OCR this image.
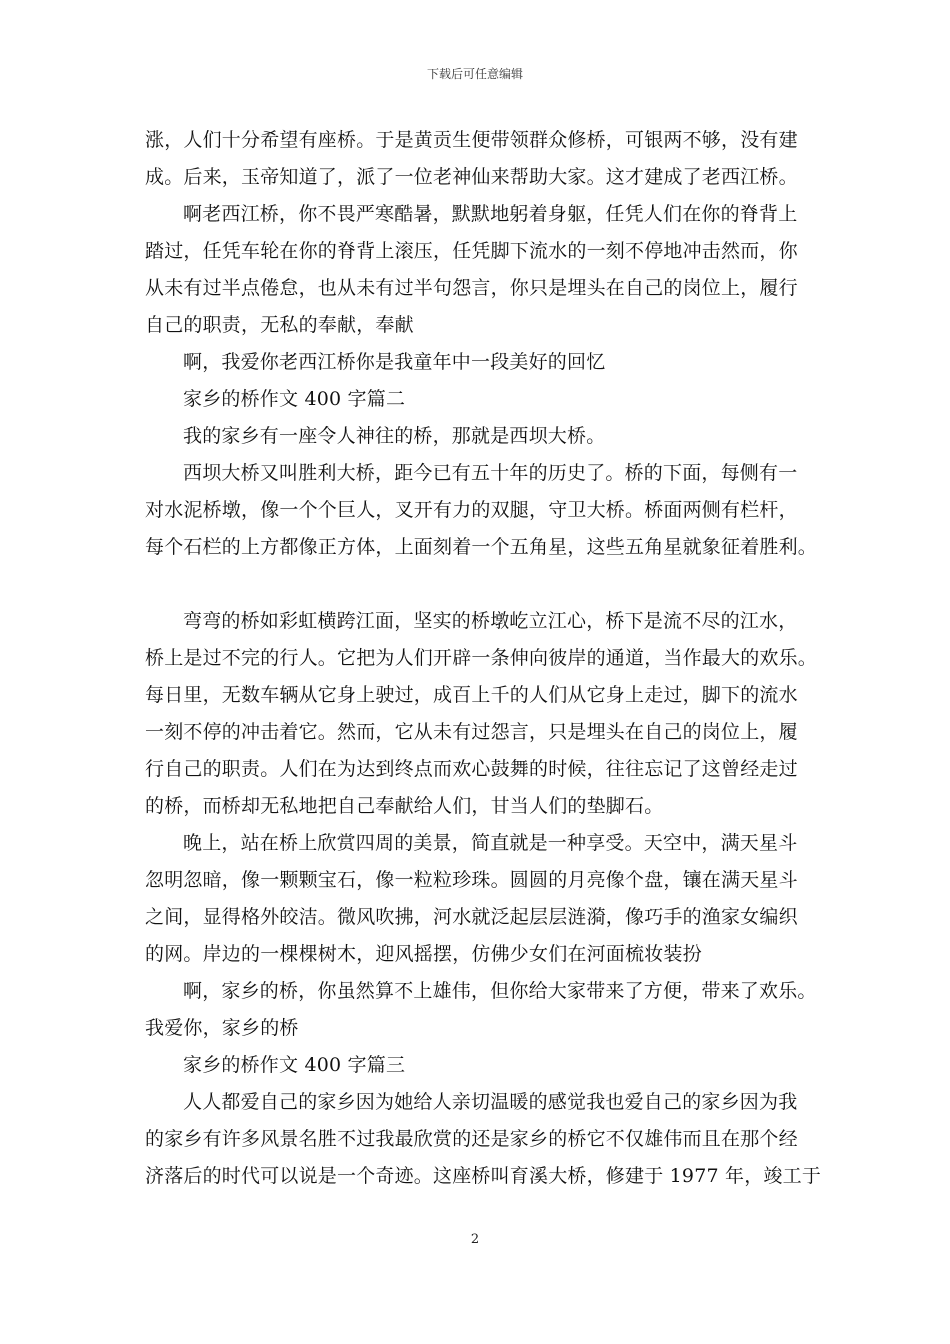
下载后可任意编辑
涨，人们十分希望有座桥。于是黄贡生便带领群众修桥，可银两不够，没有建
成。后来，玉帝知道了，派了一位老神仙来帮助大家。这才建成了老西江桥。
啊老西江桥，你不畏严寒酷暑，默默地躬着身躯，任凭人们在你的脊背上
踏过，任凭车轮在你的脊背上滚压，任凭脚下流水的一刻不停地冲击然而，你
从未有过半点倦怠，也从未有过半句怨言，你只是埋头在自己的岗位上，履行
自己的职责，无私的奉献，奉献
啊，我爱你老西江桥你是我童年中一段美好的回忆
家乡的桥作文 400 字篇二
我的家乡有一座令人神往的桥，那就是西坝大桥。
西坝大桥又叫胜利大桥，距今已有五十年的历史了。桥的下面，每侧有一
对水泥桥墩，像一个个巨人，叉开有力的双腿，守卫大桥。桥面两侧有栏杆，
每个石栏的上方都像正方体，上面刻着一个五角星，这些五角星就象征着胜利。
弯弯的桥如彩虹横跨江面，坚实的桥墩屹立江心，桥下是流不尽的江水，
桥上是过不完的行人。它把为人们开辟一条伸向彼岸的通道，当作最大的欢乐。
每日里，无数车辆从它身上驶过，成百上千的人们从它身上走过，脚下的流水
一刻不停的冲击着它。然而，它从未有过怨言，只是埋头在自己的岗位上，履
行自己的职责。人们在为达到终点而欢心鼓舞的时候，往往忘记了这曾经走过
的桥，而桥却无私地把自己奉献给人们，甘当人们的垫脚石。
晚上，站在桥上欣赏四周的美景，简直就是一种享受。天空中，满天星斗
忽明忽暗，像一颗颗宝石，像一粒粒珍珠。圆圆的月亮像个盘，镶在满天星斗
之间，显得格外皎洁。微风吹拂，河水就泛起层层涟漪，像巧手的渔家女编织
的网。岸边的一棵棵树木，迎风摇摆，仿佛少女们在河面梳妆装扮
啊，家乡的桥，你虽然算不上雄伟，但你给大家带来了方便，带来了欢乐。
我爱你，家乡的桥
家乡的桥作文 400 字篇三
人人都爱自己的家乡因为她给人亲切温暖的感觉我也爱自己的家乡因为我
的家乡有许多风景名胜不过我最欣赏的还是家乡的桥它不仅雄伟而且在那个经
济落后的时代可以说是一个奇迹。这座桥叫育溪大桥，修建于 1977 年，竣工于
2
